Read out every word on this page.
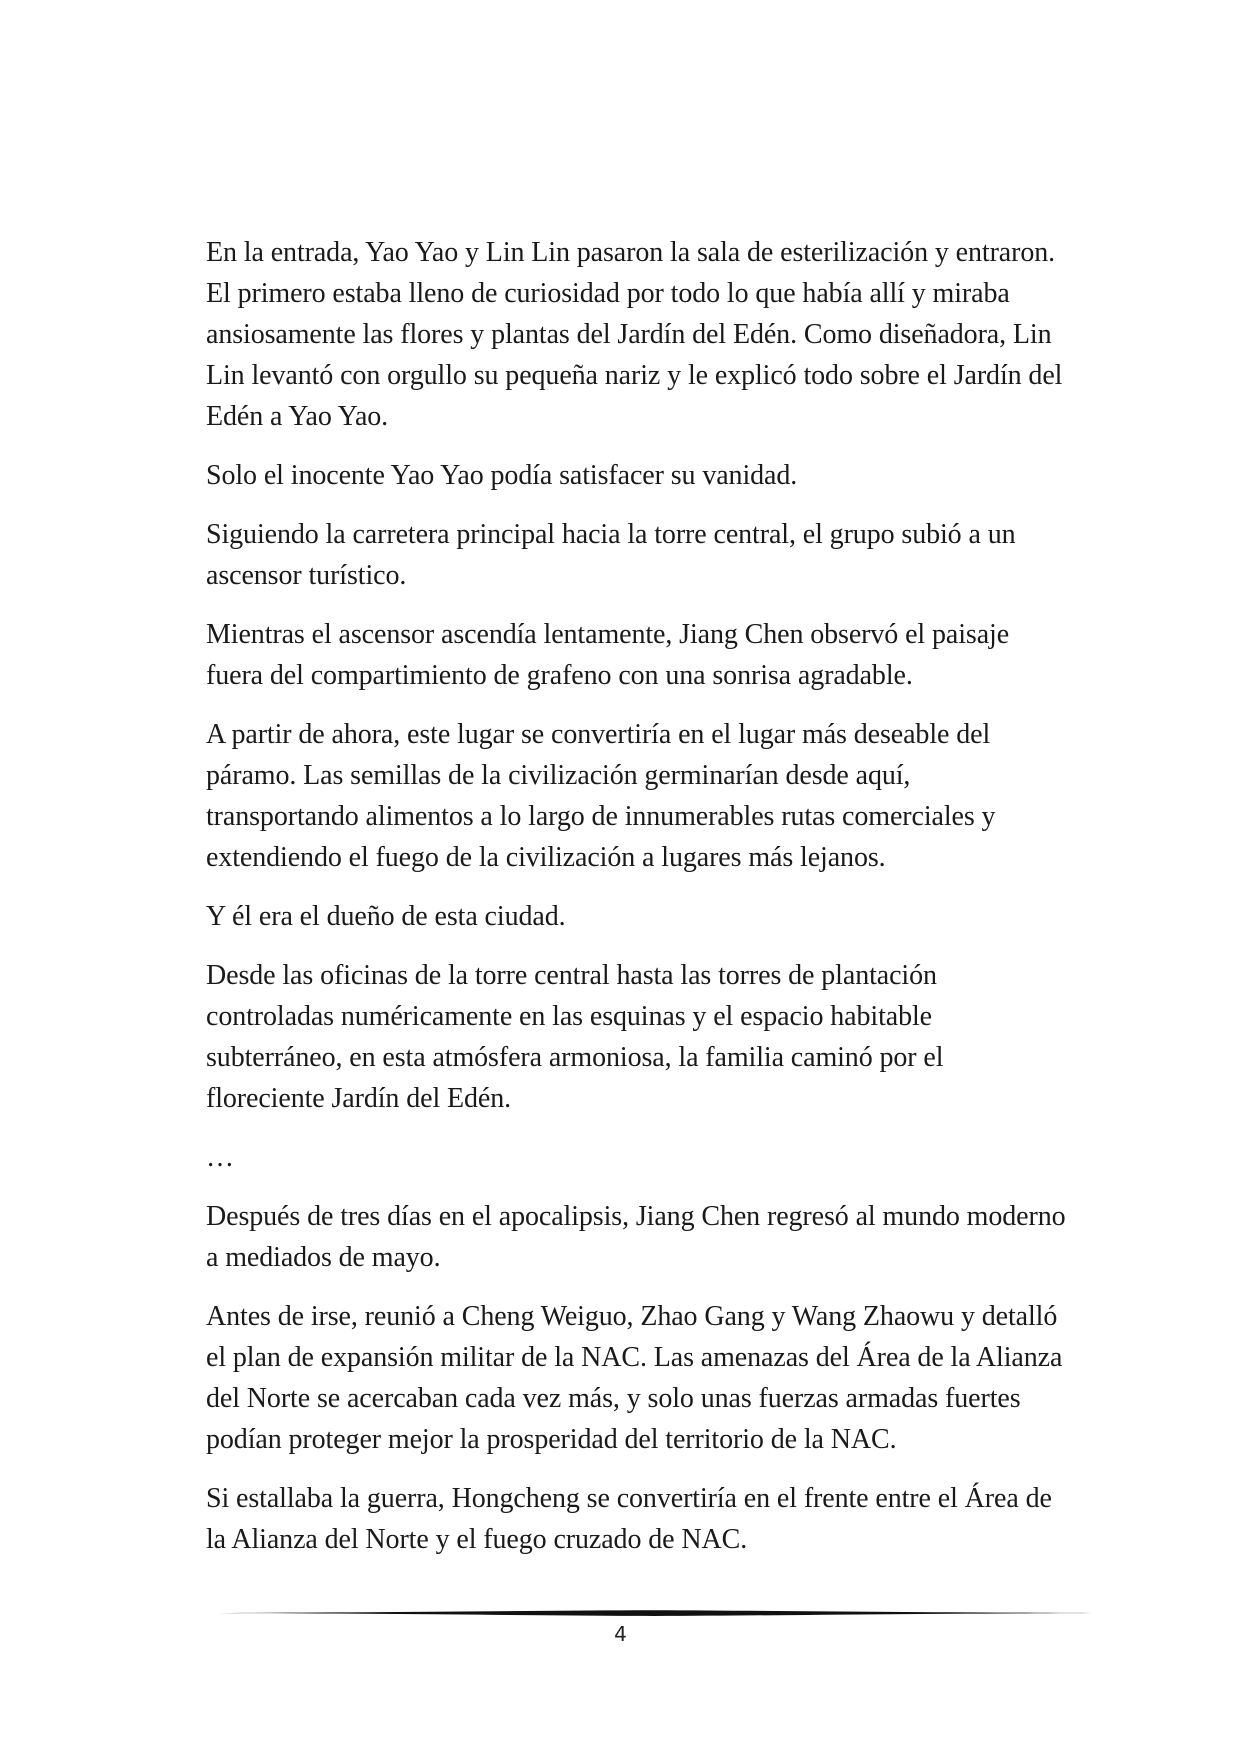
En la entrada, Yao Yao y Lin Lin pasaron la sala de esterilización y entraron. El primero estaba lleno de curiosidad por todo lo que había allí y miraba ansiosamente las flores y plantas del Jardín del Edén. Como diseñadora, Lin Lin levantó con orgullo su pequeña nariz y le explicó todo sobre el Jardín del Edén a Yao Yao.

Solo el inocente Yao Yao podía satisfacer su vanidad.

Siguiendo la carretera principal hacia la torre central, el grupo subió a un ascensor turístico.

Mientras el ascensor ascendía lentamente, Jiang Chen observó el paisaje fuera del compartimiento de grafeno con una sonrisa agradable.

A partir de ahora, este lugar se convertiría en el lugar más deseable del páramo. Las semillas de la civilización germinarían desde aquí, transportando alimentos a lo largo de innumerables rutas comerciales y extendiendo el fuego de la civilización a lugares más lejanos.

Y él era el dueño de esta ciudad.

Desde las oficinas de la torre central hasta las torres de plantación controladas numéricamente en las esquinas y el espacio habitable subterráneo, en esta atmósfera armoniosa, la familia caminó por el floreciente Jardín del Edén.

…

Después de tres días en el apocalipsis, Jiang Chen regresó al mundo moderno a mediados de mayo.

Antes de irse, reunió a Cheng Weiguo, Zhao Gang y Wang Zhaowu y detalló el plan de expansión militar de la NAC. Las amenazas del Área de la Alianza del Norte se acercaban cada vez más, y solo unas fuerzas armadas fuertes podían proteger mejor la prosperidad del territorio de la NAC.

Si estallaba la guerra, Hongcheng se convertiría en el frente entre el Área de la Alianza del Norte y el fuego cruzado de NAC.

4
